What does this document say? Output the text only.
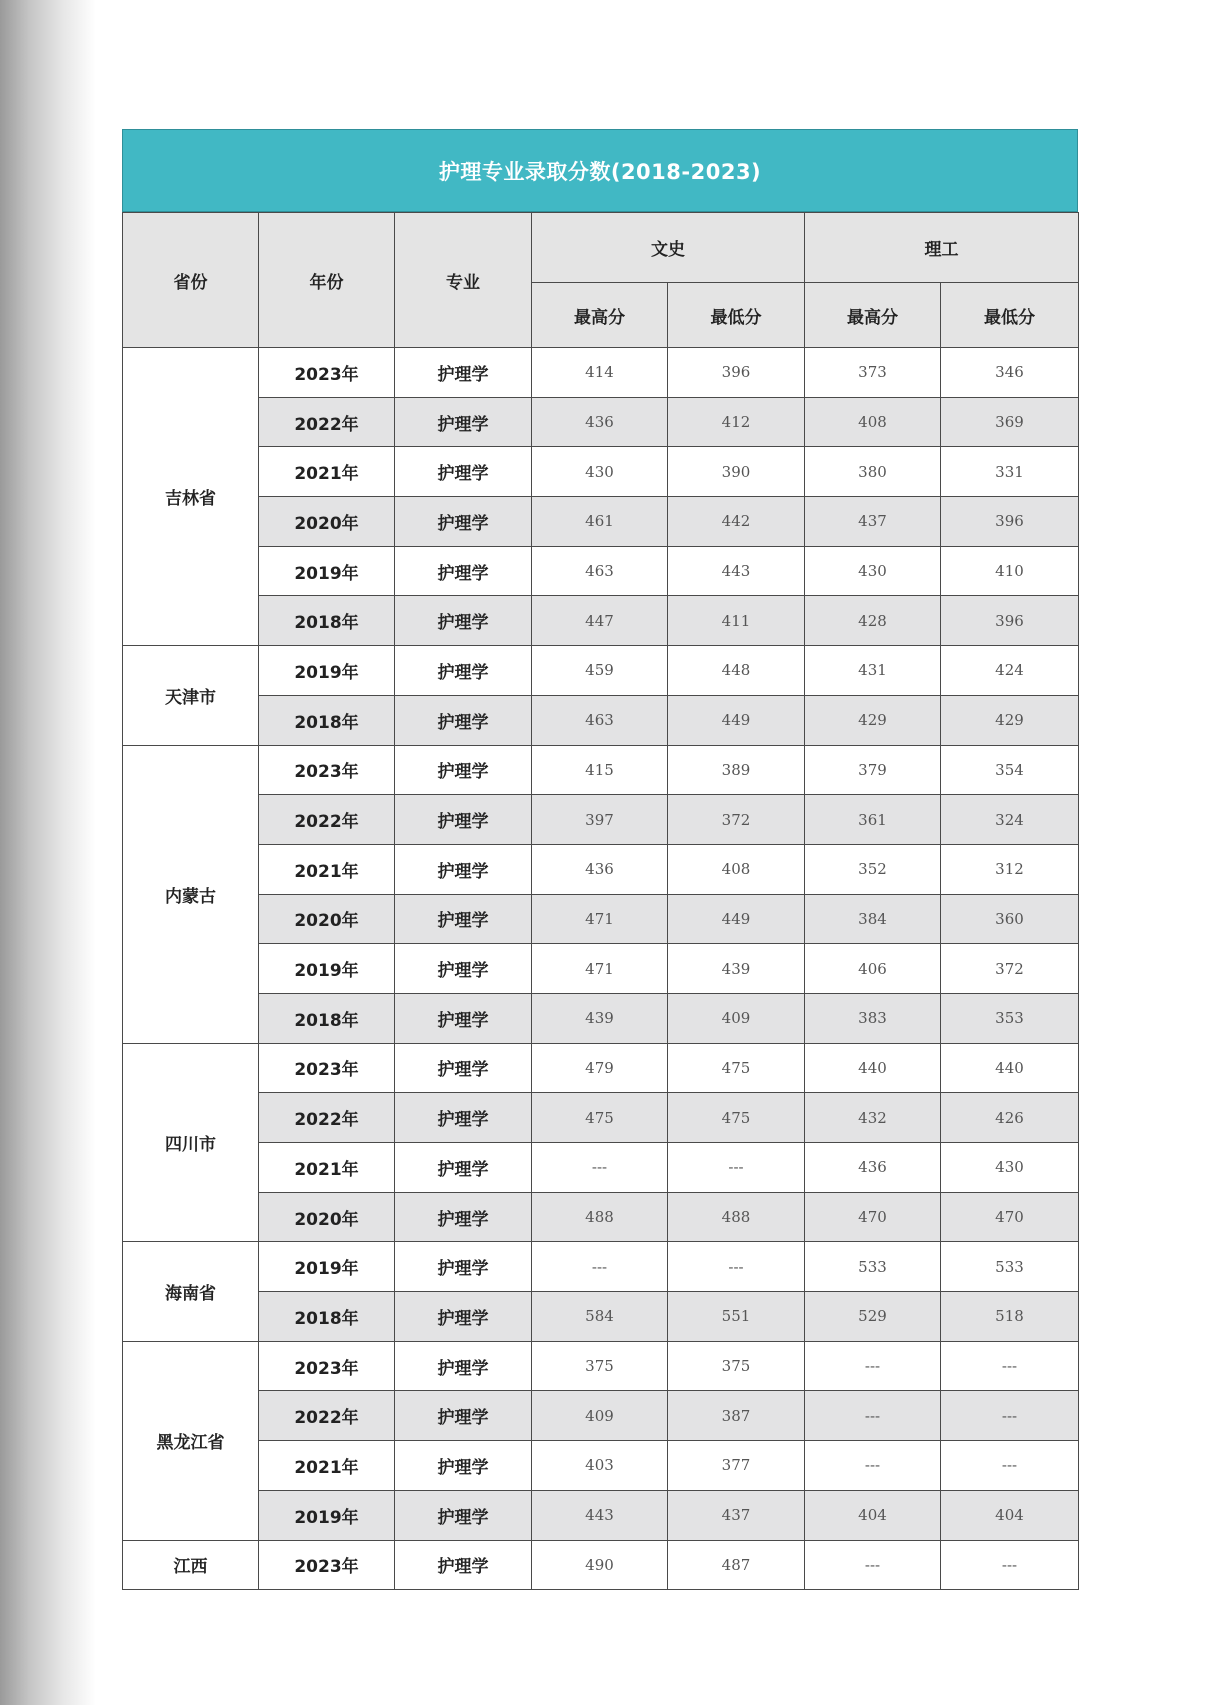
护理专业录取分数(2018-2023)
省份	年份	专业	文史		理工	
			最高分	最低分	最高分	最低分
吉林省	2023年	护理学	414	396	373	346
	2022年	护理学	436	412	408	369
	2021年	护理学	430	390	380	331
	2020年	护理学	461	442	437	396
	2019年	护理学	463	443	430	410
	2018年	护理学	447	411	428	396
天津市	2019年	护理学	459	448	431	424
	2018年	护理学	463	449	429	429
内蒙古	2023年	护理学	415	389	379	354
	2022年	护理学	397	372	361	324
	2021年	护理学	436	408	352	312
	2020年	护理学	471	449	384	360
	2019年	护理学	471	439	406	372
	2018年	护理学	439	409	383	353
四川市	2023年	护理学	479	475	440	440
	2022年	护理学	475	475	432	426
	2021年	护理学	---	---	436	430
	2020年	护理学	488	488	470	470
海南省	2019年	护理学	---	---	533	533
	2018年	护理学	584	551	529	518
黑龙江省	2023年	护理学	375	375	---	---
	2022年	护理学	409	387	---	---
	2021年	护理学	403	377	---	---
	2019年	护理学	443	437	404	404
江西	2023年	护理学	490	487	---	---
